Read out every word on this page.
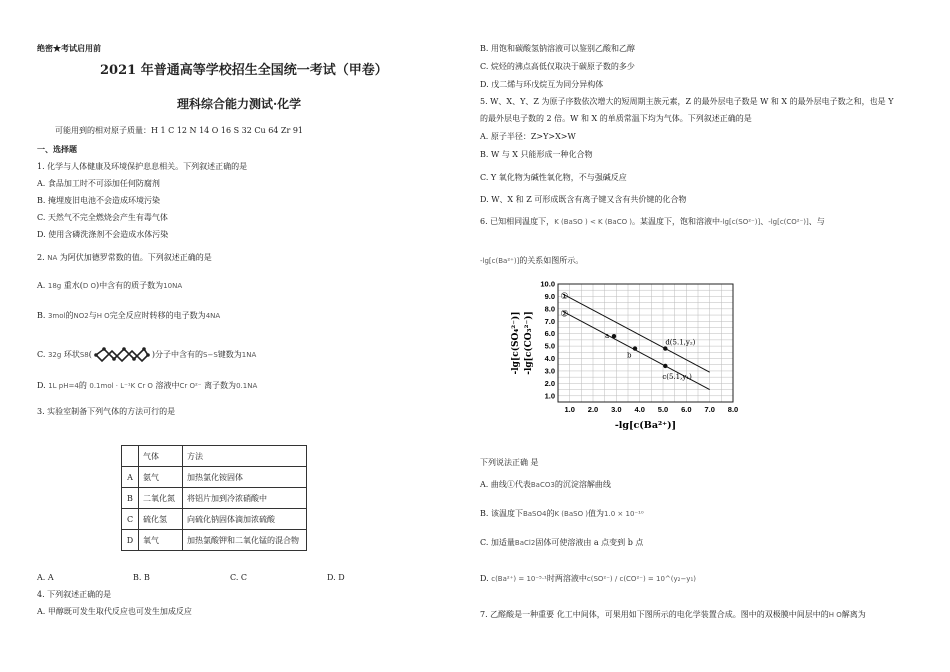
绝密★考试启用前
2021 年普通高等学校招生全国统一考试（甲卷）
理科综合能力测试·化学
可能用到的相对原子质量：H 1 C 12 N 14 O 16 S 32 Cu 64 Zr 91
一、选择题
1. 化学与人体健康及环境保护息息相关。下列叙述正确的是
A. 食品加工时不可添加任何防腐剂
B. 掩埋废旧电池不会造成环境污染
C. 天然气不完全燃烧会产生有毒气体
D. 使用含磷洗涤剂不会造成水体污染
2. NA 为阿伏加德罗常数的值。下列叙述正确的是
A. 18g 重水(D O)中含有的质子数为10NA
B. 3mol的NO2与H O完全反应时转移的电子数为4NA
C. 32g 环状S8(	)分子中含有的S−S键数为1NA
D. 1L pH=4的 0.1mol · L⁻¹K Cr O 溶液中Cr O²⁻ 离子数为0.1NA
3. 实验室制备下列气体的方法可行的是
	气体	方法
A	氨气	加热氯化铵固体
B	二氧化氮	将铝片加到冷浓硝酸中
C	硫化氢	向硫化钠固体滴加浓硫酸
D	氧气	加热氯酸钾和二氧化锰的混合物
A. A	B. B	C. C	D. D
4. 下列叙述正确的是
A. 甲醇既可发生取代反应也可发生加成反应
B. 用饱和碳酸氢钠溶液可以鉴别乙酸和乙醇
C. 烷烃的沸点高低仅取决于碳原子数的多少
D. 戊二烯与环戊烷互为同分异构体
5. W、X、Y、Z 为原子序数依次增大的短周期主族元素，Z 的最外层电子数是 W 和 X 的最外层电子数之和，也是 Y
的最外层电子数的 2 倍。W 和 X 的单质常温下均为气体。下列叙述正确的是
A. 原子半径：Z>Y>X>W
B. W 与 X 只能形成一种化合物
C. Y 氧化物为碱性氧化物，不与强碱反应
D. W、X 和 Z 可形成既含有离子键又含有共价键的化合物
6. 已知相同温度下，K (BaSO ) < K (BaCO )。某温度下，饱和溶液中-lg[c(SO²⁻)]、-lg[c(CO²⁻)]、与
-lg[c(Ba²⁺)]的关系如图所示。
1.0 2.0 3.0 4.0 5.0 6.0 7.0 8.0
1.0
2.0
3.0
4.0
5.0
6.0
7.0
8.0
9.0
10.0
-lg[c(Ba²⁺)]
-lg[c(SO₄²⁻)] -lg[c(CO₃²⁻)]
①
②
a
b
d(5.1,y₂)
c(5.1,y₁)
下列说法正确 是
A. 曲线①代表BaCO3的沉淀溶解曲线
B. 该温度下BaSO4的K (BaSO )值为1.0 × 10⁻¹⁰
C. 加适量BaCl2固体可使溶液由 a 点变到 b 点
D. c(Ba²⁺) = 10⁻⁵·¹时两溶液中c(SO²⁻) / c(CO²⁻) = 10^(y₂−y₁)
7. 乙醛酸是一种重要 化工中间体，可果用如下图所示的电化学装置合成。图中的双极膜中间层中的H O解离为
